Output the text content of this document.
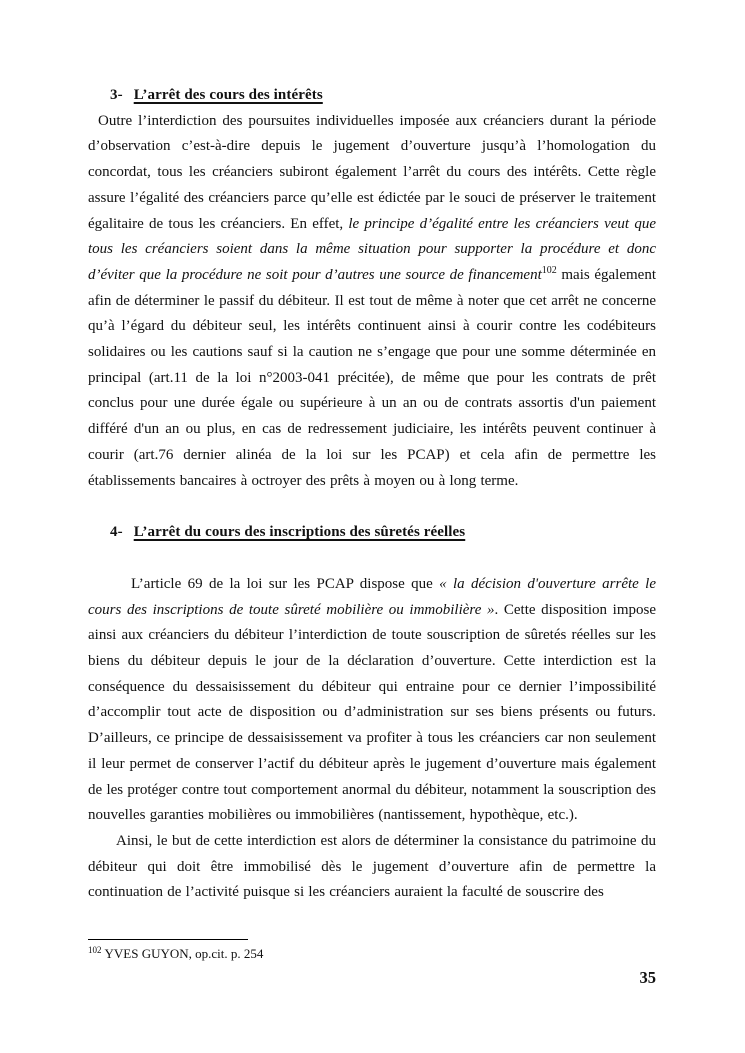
3- L’arrêt des cours des intérêts

Outre l’interdiction des poursuites individuelles imposée aux créanciers durant la période d’observation c’est-à-dire depuis le jugement d’ouverture jusqu’à l’homologation du concordat, tous les créanciers subiront également l’arrêt du cours des intérêts. Cette règle assure l’égalité des créanciers parce qu’elle est édictée par le souci de préserver le traitement égalitaire de tous les créanciers. En effet, le principe d’égalité entre les créanciers veut que tous les créanciers soient dans la même situation pour supporter la procédure et donc d’éviter que la procédure ne soit pour d’autres une source de financement$^{102}$ mais également afin de déterminer le passif du débiteur. Il est tout de même à noter que cet arrêt ne concerne qu’à l’égard du débiteur seul, les intérêts continuent ainsi à courir contre les codébiteurs solidaires ou les cautions sauf si la caution ne s’engage que pour une somme déterminée en principal (art.11 de la loi n°2003-041 précitée), de même que pour les contrats de prêt conclus pour une durée égale ou supérieure à un an ou de contrats assortis d'un paiement différé d'un an ou plus, en cas de redressement judiciaire, les intérêts peuvent continuer à courir (art.76 dernier alinéa de la loi sur les PCAP) et cela afin de permettre les établissements bancaires à octroyer des prêts à moyen ou à long terme.

4- L’arrêt du cours des inscriptions des sûretés réelles

L’article 69 de la loi sur les PCAP dispose que « la décision d'ouverture arrête le cours des inscriptions de toute sûreté mobilière ou immobilière ». Cette disposition impose ainsi aux créanciers du débiteur l’interdiction de toute souscription de sûretés réelles sur les biens du débiteur depuis le jour de la déclaration d’ouverture. Cette interdiction est la conséquence du dessaisissement du débiteur qui entraine pour ce dernier l’impossibilité d’accomplir tout acte de disposition ou d’administration sur ses biens présents ou futurs. D’ailleurs, ce principe de dessaisissement va profiter à tous les créanciers car non seulement il leur permet de conserver l’actif du débiteur après le jugement d’ouverture mais également de les protéger contre tout comportement anormal du débiteur, notamment la souscription des nouvelles garanties mobilières ou immobilières (nantissement, hypothèque, etc.).

Ainsi, le but de cette interdiction est alors de déterminer la consistance du patrimoine du débiteur qui doit être immobilisé dès le jugement d’ouverture afin de permettre la continuation de l’activité puisque si les créanciers auraient la faculté de souscrire des

$^{102}$ YVES GUYON, op.cit. p. 254
35
